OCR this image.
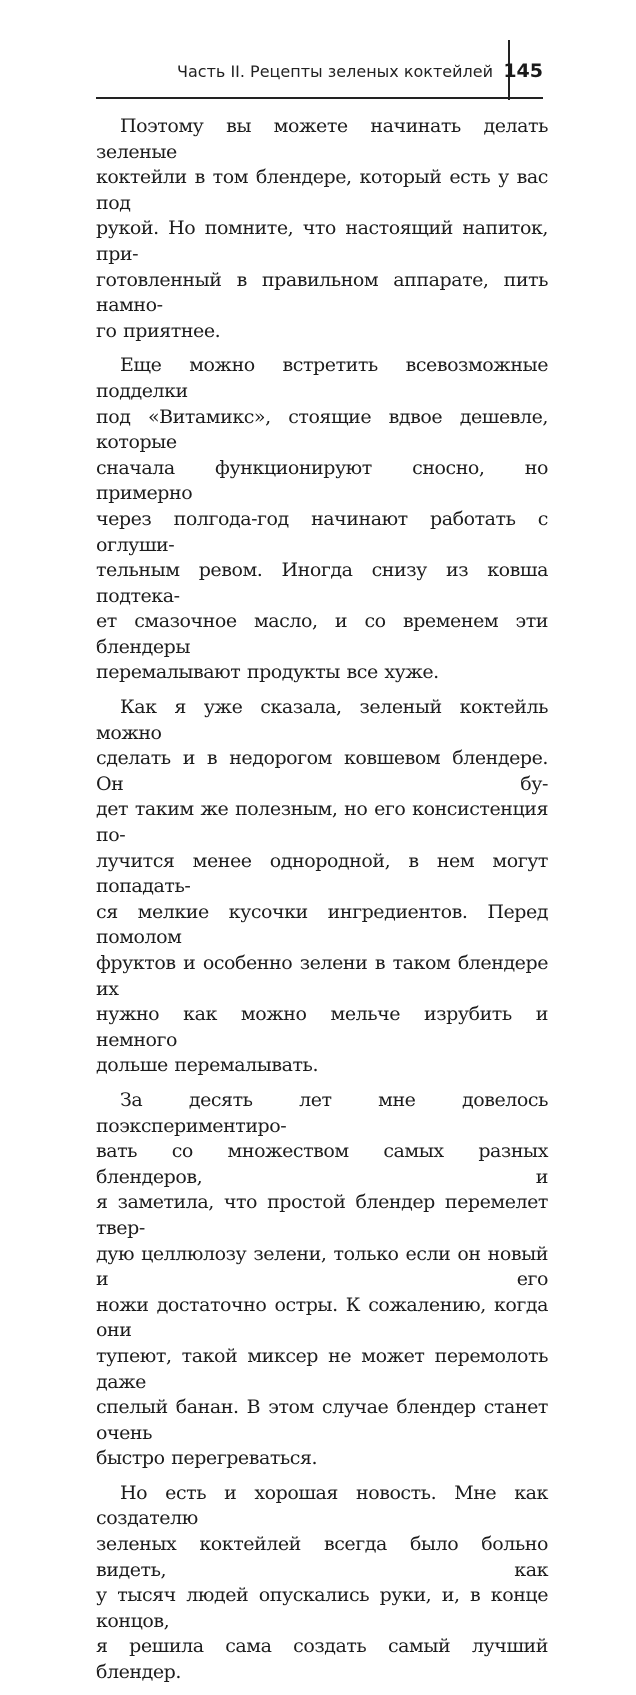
Часть II. Рецепты зеленых коктейлей 145
Поэтому вы можете начинать делать зеленые
коктейли в том блендере, который есть у вас под
рукой. Но помните, что настоящий напиток, при-
готовленный в правильном аппарате, пить намно-
го приятнее.
Еще можно встретить всевозможные подделки
под «Витамикс», стоящие вдвое дешевле, которые
сначала функционируют сносно, но примерно
через полгода-год начинают работать с оглуши-
тельным ревом. Иногда снизу из ковша подтека-
ет смазочное масло, и со временем эти блендеры
перемалывают продукты все хуже.
Как я уже сказала, зеленый коктейль можно
сделать и в недорогом ковшевом блендере. Он бу-
дет таким же полезным, но его консистенция по-
лучится менее однородной, в нем могут попадать-
ся мелкие кусочки ингредиентов. Перед помолом
фруктов и особенно зелени в таком блендере их
нужно как можно мельче изрубить и немного
дольше перемалывать.
За десять лет мне довелось поэкспериментиро-
вать со множеством самых разных блендеров, и
я заметила, что простой блендер перемелет твер-
дую целлюлозу зелени, только если он новый и его
ножи достаточно остры. К сожалению, когда они
тупеют, такой миксер не может перемолоть даже
спелый банан. В этом случае блендер станет очень
быстро перегреваться.
Но есть и хорошая новость. Мне как создателю
зеленых коктейлей всегда было больно видеть, как
у тысяч людей опускались руки, и, в конце концов,
я решила сама создать самый лучший блендер.
